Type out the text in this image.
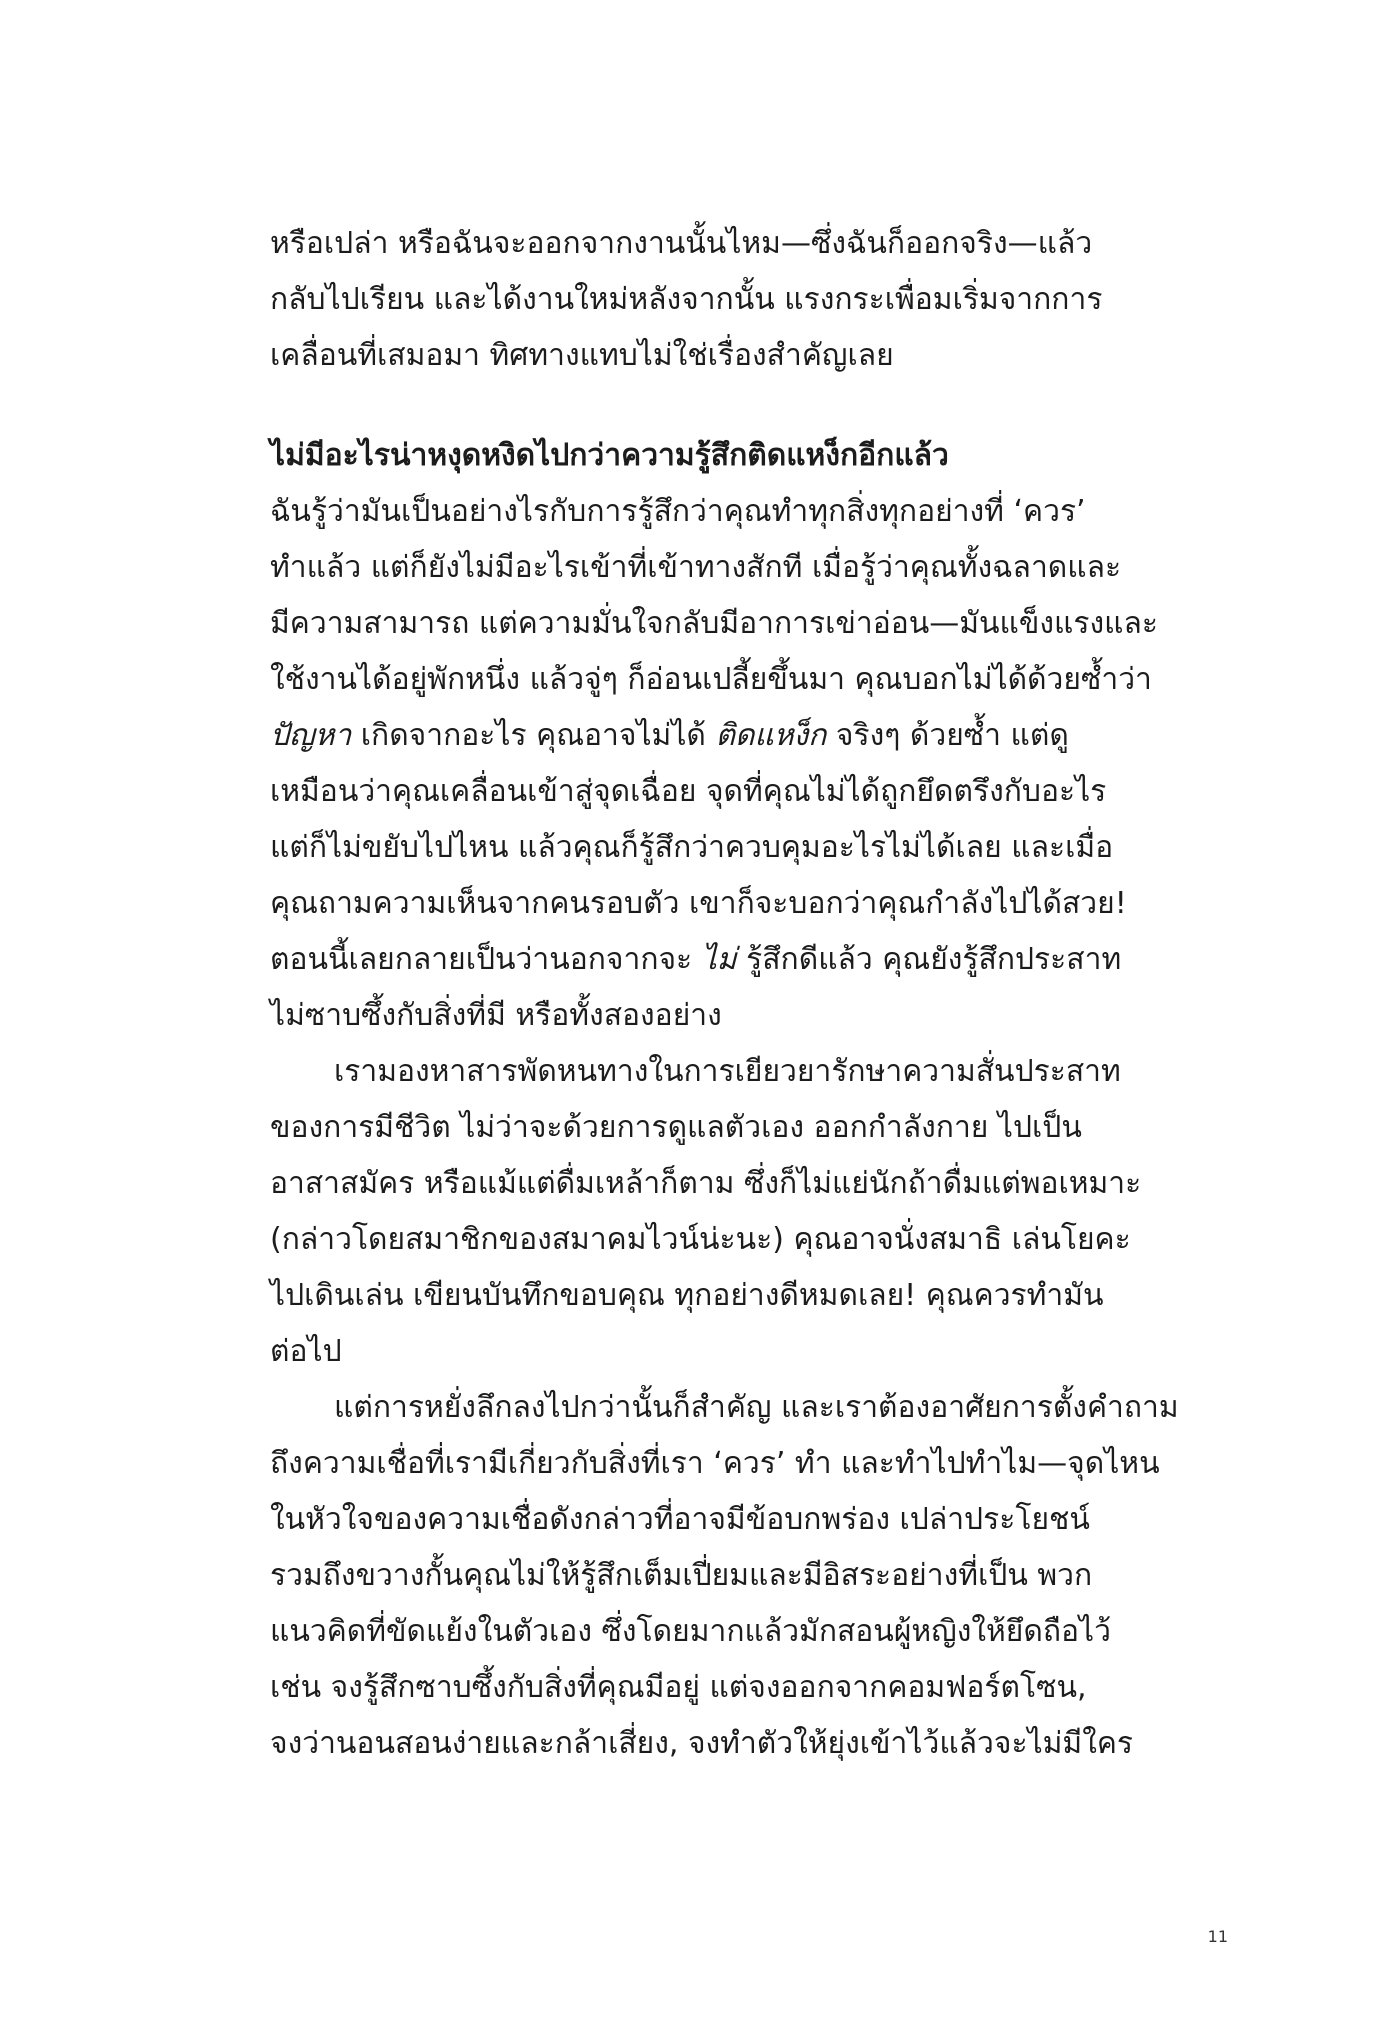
หรือเปล่า หรือฉันจะออกจากงานนั้นไหม—ซึ่งฉันก็ออกจริง—แล้ว
กลับไปเรียน และได้งานใหม่หลังจากนั้น แรงกระเพื่อมเริ่มจากการ
เคลื่อนที่เสมอมา ทิศทางแทบไม่ใช่เรื่องสำคัญเลย
ไม่มีอะไรน่าหงุดหงิดไปกว่าความรู้สึกติดแหง็กอีกแล้ว
ฉันรู้ว่ามันเป็นอย่างไรกับการรู้สึกว่าคุณทำทุกสิ่งทุกอย่างที่ ‘ควร’
ทำแล้ว แต่ก็ยังไม่มีอะไรเข้าที่เข้าทางสักที เมื่อรู้ว่าคุณทั้งฉลาดและ
มีความสามารถ แต่ความมั่นใจกลับมีอาการเข่าอ่อน—มันแข็งแรงและ
ใช้งานได้อยู่พักหนึ่ง แล้วจู่ๆ ก็อ่อนเปลี้ยขึ้นมา คุณบอกไม่ได้ด้วยซ้ำว่า
ปัญหา เกิดจากอะไร คุณอาจไม่ได้ ติดแหง็ก จริงๆ ด้วยซ้ำ แต่ดู
เหมือนว่าคุณเคลื่อนเข้าสู่จุดเฉื่อย จุดที่คุณไม่ได้ถูกยึดตรึงกับอะไร
แต่ก็ไม่ขยับไปไหน แล้วคุณก็รู้สึกว่าควบคุมอะไรไม่ได้เลย และเมื่อ
คุณถามความเห็นจากคนรอบตัว เขาก็จะบอกว่าคุณกำลังไปได้สวย!
ตอนนี้เลยกลายเป็นว่านอกจากจะ ไม่ รู้สึกดีแล้ว คุณยังรู้สึกประสาท
ไม่ซาบซึ้งกับสิ่งที่มี หรือทั้งสองอย่าง
เรามองหาสารพัดหนทางในการเยียวยารักษาความสั่นประสาท
ของการมีชีวิต ไม่ว่าจะด้วยการดูแลตัวเอง ออกกำลังกาย ไปเป็น
อาสาสมัคร หรือแม้แต่ดื่มเหล้าก็ตาม ซึ่งก็ไม่แย่นักถ้าดื่มแต่พอเหมาะ
(กล่าวโดยสมาชิกของสมาคมไวน์น่ะนะ) คุณอาจนั่งสมาธิ เล่นโยคะ
ไปเดินเล่น เขียนบันทึกขอบคุณ ทุกอย่างดีหมดเลย! คุณควรทำมัน
ต่อไป
แต่การหยั่งลึกลงไปกว่านั้นก็สำคัญ และเราต้องอาศัยการตั้งคำถาม
ถึงความเชื่อที่เรามีเกี่ยวกับสิ่งที่เรา ‘ควร’ ทำ และทำไปทำไม—จุดไหน
ในหัวใจของความเชื่อดังกล่าวที่อาจมีข้อบกพร่อง เปล่าประโยชน์
รวมถึงขวางกั้นคุณไม่ให้รู้สึกเต็มเปี่ยมและมีอิสระอย่างที่เป็น พวก
แนวคิดที่ขัดแย้งในตัวเอง ซึ่งโดยมากแล้วมักสอนผู้หญิงให้ยึดถือไว้
เช่น จงรู้สึกซาบซึ้งกับสิ่งที่คุณมีอยู่ แต่จงออกจากคอมฟอร์ตโซน,
จงว่านอนสอนง่ายและกล้าเสี่ยง, จงทำตัวให้ยุ่งเข้าไว้แล้วจะไม่มีใคร
11
